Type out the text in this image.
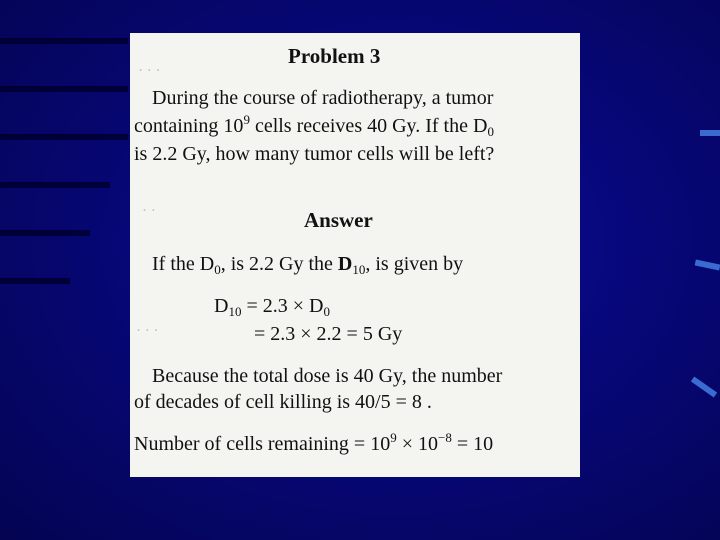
· · ·
· ·
· · ·
Problem 3
During the course of radiotherapy, a tumor
containing $10^9$ cells receives 40 Gy. If the $D_0$
is 2.2 Gy, how many tumor cells will be left?
Answer
If the $D_0$, is 2.2 Gy the $D_{10}$, is given by
$D_{10} = 2.3 \times D_0$
= 2.3 × 2.2 = 5 Gy
Because the total dose is 40 Gy, the number
of decades of cell killing is 40/5 = 8 .
Number of cells remaining = $10^9 \times 10^{-8} = 10$
